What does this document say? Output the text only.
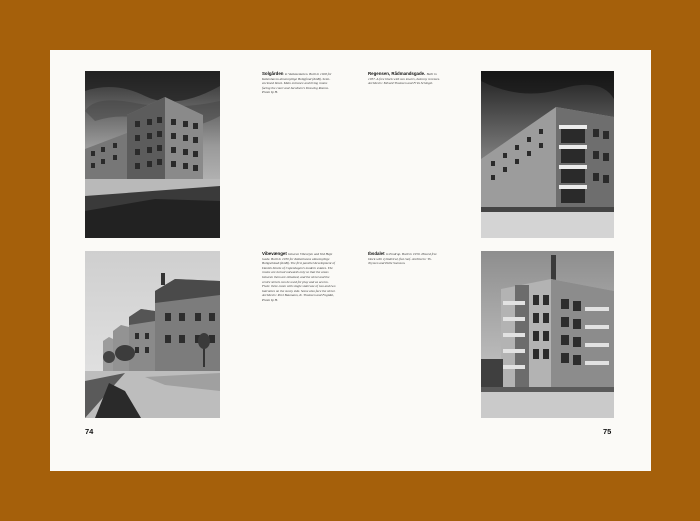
Solgården in Vanløseskolen. Built in 1928 for Københavns almennyttige Boligfond (KAB). Semi-enclosed block. Main entrance and living rooms facing the court and Jacobsen's Drawing Rooms. Photo Ip H.
Regensen, Rådmandsgade. Built in 1937. A free block with sun towers, balcony recesses. Architects: Edvard Thomsen and Frits Schlegel.
Vibevænget between Vibevejen and Ved Høje Gade. Built in 1930 for Københavns almennyttige Boligselskab (KAB). The first parallel development of Danish blocks of Copenhagen's modern estates. The rooms are turned outwards only so that the areas between them are obtained, and the street and the centre streets can be used for play and as access. Flats: three-room with single staircase of two and two balconies on the sunny side. Some also face the street. Architects: Povl Baumann, K. Thomsen and Fogtdal, Photo Ip H.
Ibsdalet in Emdrup. Built in 1950. Placed free block with cylindrical, flat roof. Architects: Th. Teyssen and Palle Suenson.
74	75
